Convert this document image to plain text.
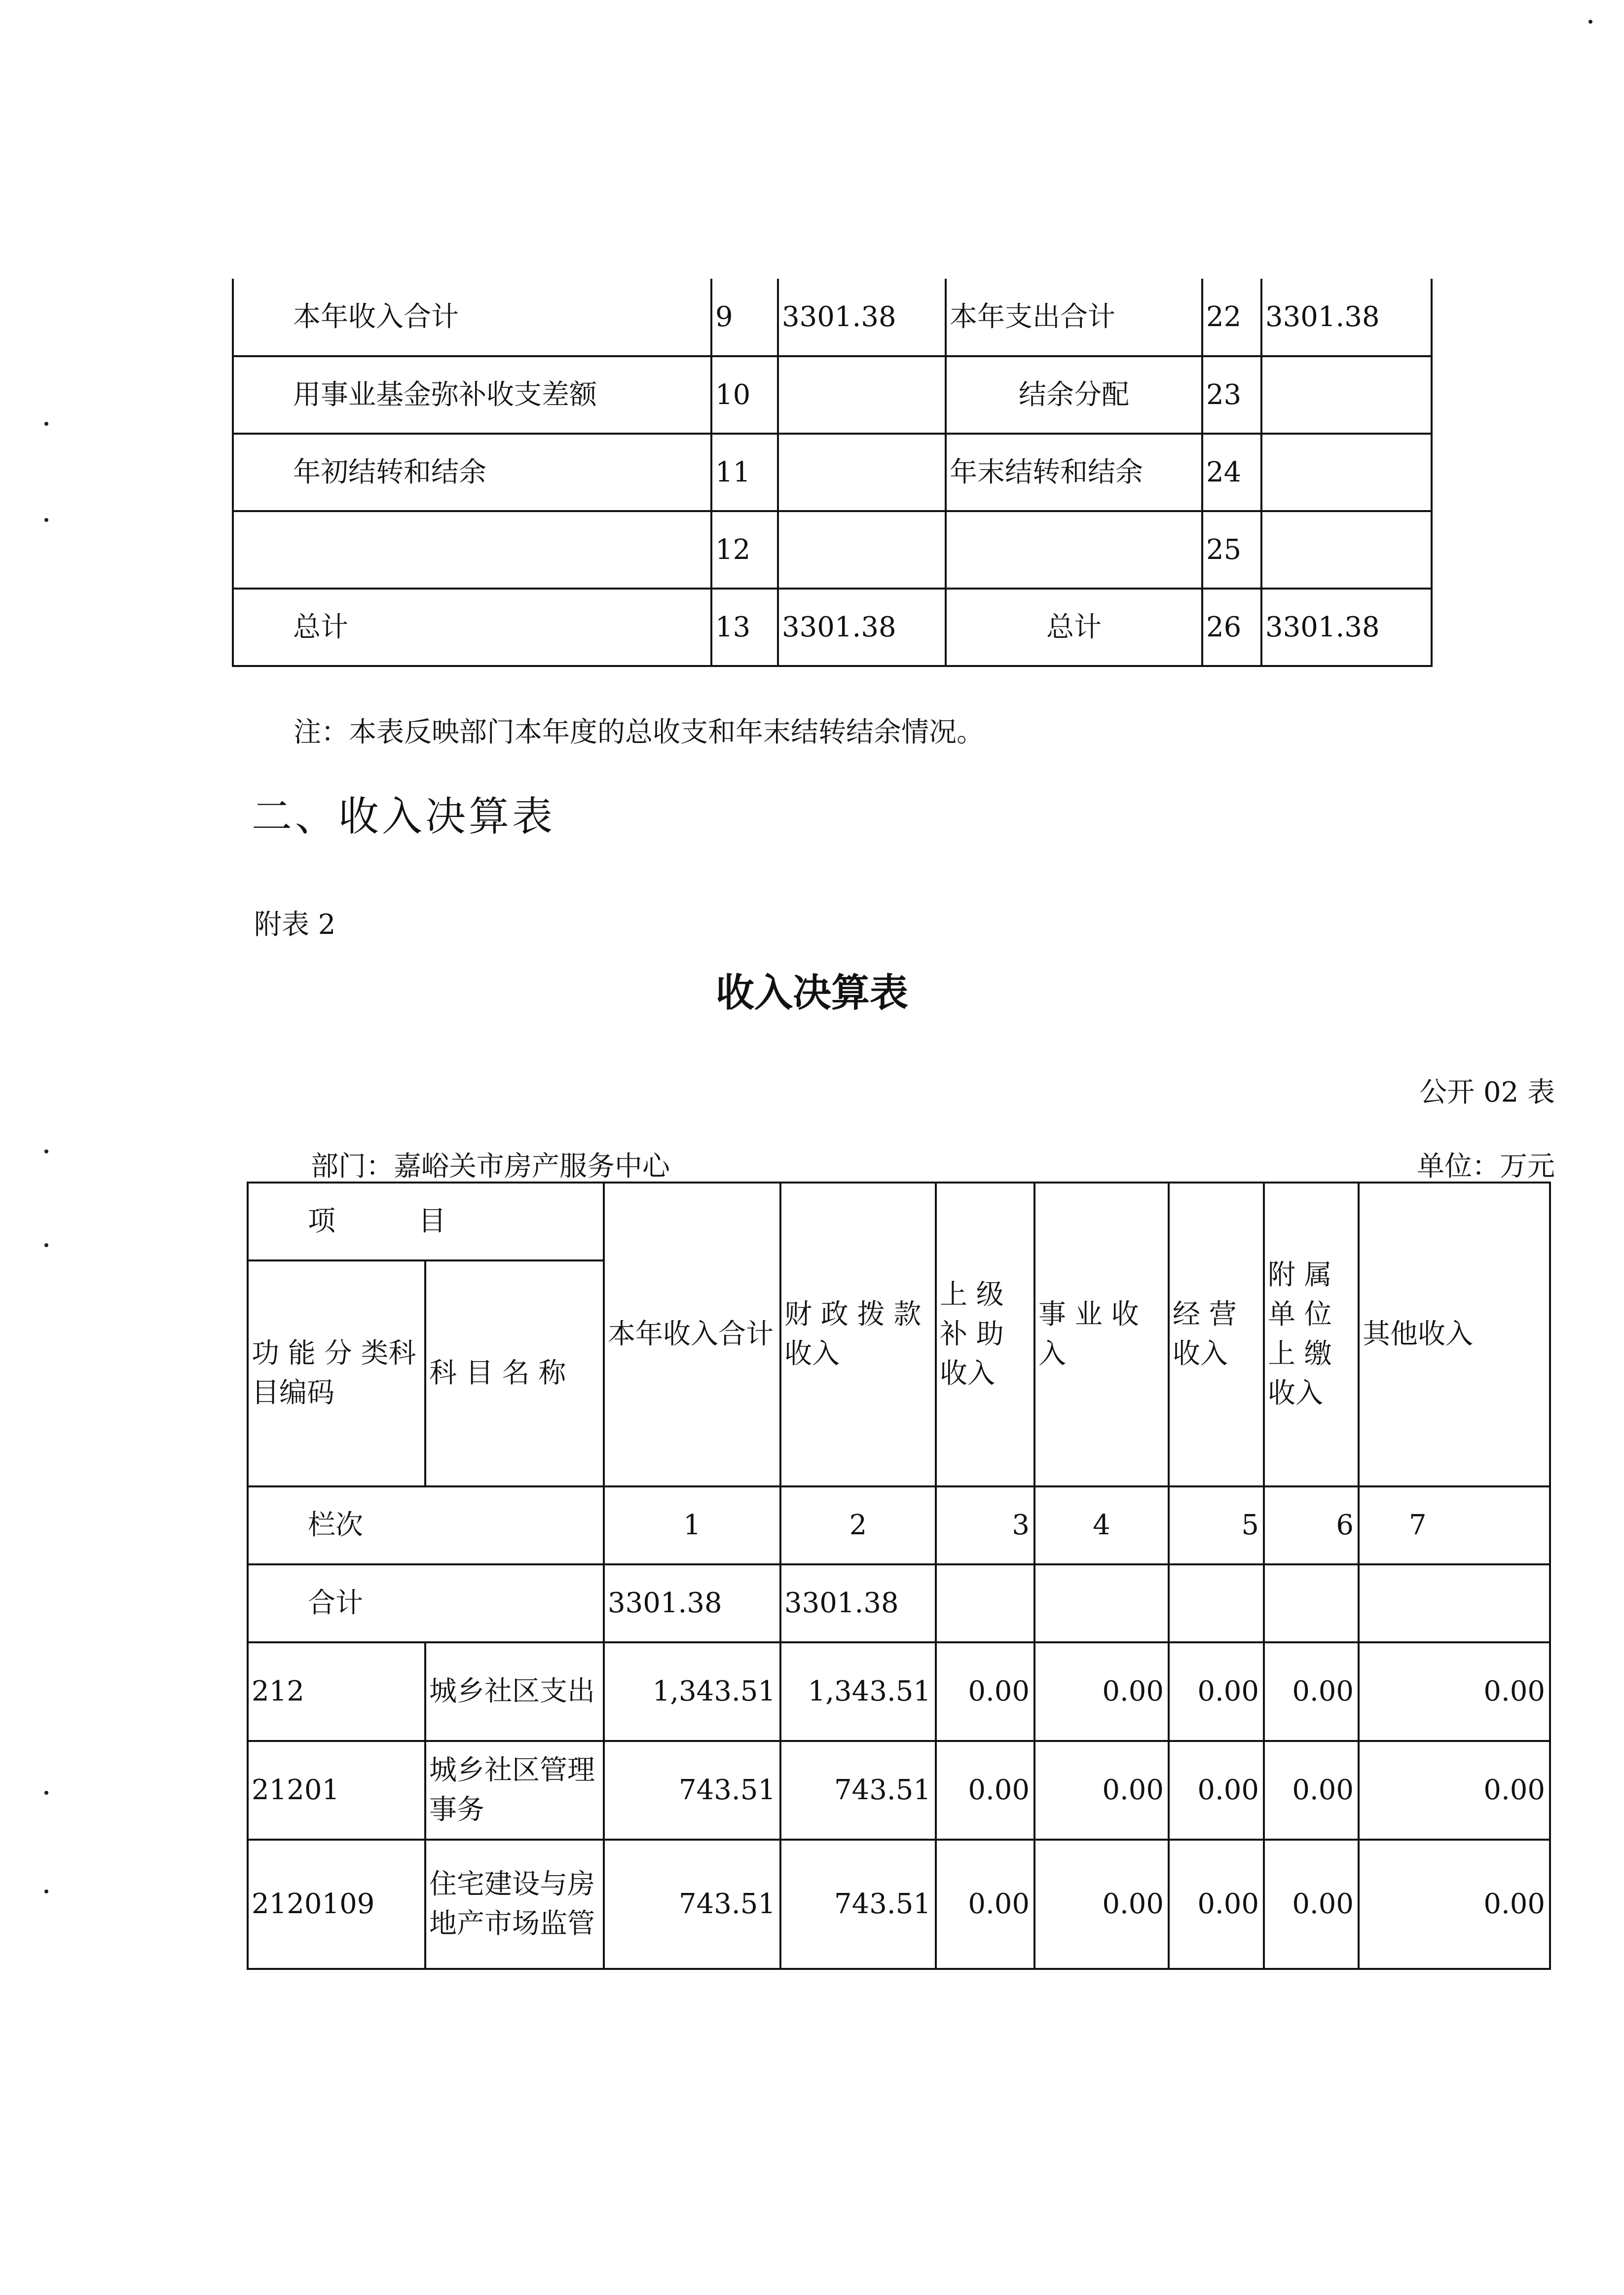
本年收入合计	9	3301.38	本年支出合计	22	3301.38
用事业基金弥补收支差额	10		结余分配	23	
年初结转和结余	11		年末结转和结余	24	
	12			25	
总计	13	3301.38	总计	26	3301.38
注：本表反映部门本年度的总收支和年末结转结余情况。
二、收入决算表
附表 2
收入决算表
公开 02 表
部门：嘉峪关市房产服务中心	单位：万元
项　　　目		本年收入合计	财 政 拨 款 收入	上 级 补 助 收入	事 业 收 入	经 营 收入	附 属 单 位 上 缴 收入	其他收入
功 能 分 类科目编码	科 目 名 称							
栏次		1	2	3	4	5	6	7
合计		3301.38	3301.38					
212	城乡社区支出	1,343.51	1,343.51	0.00	0.00	0.00	0.00	0.00
21201	城乡社区管理事务	743.51	743.51	0.00	0.00	0.00	0.00	0.00
2120109	住宅建设与房地产市场监管	743.51	743.51	0.00	0.00	0.00	0.00	0.00
